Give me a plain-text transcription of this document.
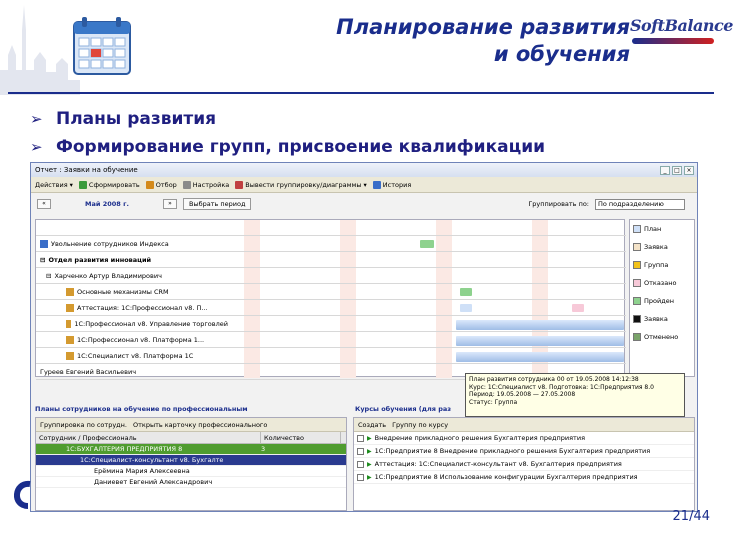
Планирование развития
и обучения
SoftBalance
➢ Планы развития
➢ Формирование групп, присвоение квалификации
Отчет : Заявки на обучение	_	□	×
Действия ▾ Сформировать Отбор Настройка Вывести группировку/диаграммы ▾ История
«	Май 2008 г.	»	Выбрать период	Группировать по:	По подразделению
Увольнение сотрудников Индекса
⊟ Отдел развития инноваций
⊟ Харченко Артур Владимирович
Основные механизмы CRM
Аттестация: 1С:Профессионал v8. П...
1С:Профессионал v8. Управление торговлей
1С:Профессионал v8. Платформа 1...
1С:Специалист v8. Платформа 1С
Гуреев Евгений Васильевич
План
Заявка
Группа
Отказано
Пройден
Заявка
Отменено
План развития сотрудника 00 от 19.05.2008 14:12:38
Курс: 1С:Специалист v8. Подготовка: 1С:Предприятия 8.0
Период: 19.05.2008 — 27.05.2008
Статус: Группа
Планы сотрудников на обучение по профессиональным	Курсы обучения (для раз
Группировка по сотрудн. Открыть карточку профессионального
Сотрудник / Профессиональ	Количество
1С:БУХГАЛТЕРИЯ ПРЕДПРИЯТИЯ 8	3
1С:Специалист-консультант v8. Бухгалте
Ерёмина Мария Алексеевна
Даниевет Евгений Александрович
Создать Группу по курсу
▶ Внедрение прикладного решения Бухгалтерия предприятия
▶ 1С:Предприятие 8 Внедрение прикладного решения Бухгалтерия предприятия
▶ Аттестация: 1С:Специалист-консультант v8. Бухгалтерия предприятия
▶ 1С:Предприятие 8 Использование конфигурации Бухгалтерия предприятия
21/44
